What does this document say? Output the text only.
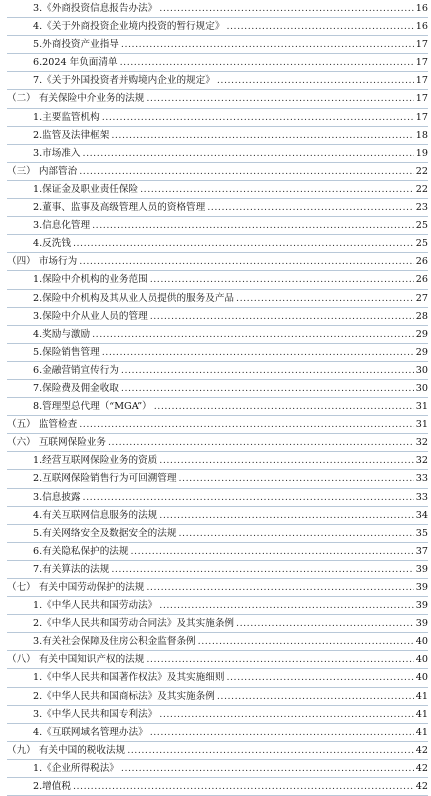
3.《外商投资信息报告办法》 .....	16
4.《关于外商投资企业境内投资的暂行规定》 .....	16
5.外商投资产业指导 .....	17
6.2024 年负面清单 .....	17
7.《关于外国投资者并购境内企业的规定》 .....	17
（二） 有关保险中介业务的法规 .....	17
1.主要监管机构 .....	17
2.监管及法律框架 .....	18
3.市场准入 .....	19
（三） 内部管治 .....	22
1.保证金及职业责任保险 .....	22
2.董事、监事及高级管理人员的资格管理 .....	23
3.信息化管理 .....	25
4.反洗钱 .....	25
（四） 市场行为 .....	26
1.保险中介机构的业务范围 .....	26
2.保险中介机构及其从业人员提供的服务及产品 .....	27
3.保险中介从业人员的管理 .....	28
4.奖励与激励 .....	29
5.保险销售管理 .....	29
6.金融营销宣传行为 .....	30
7.保险费及佣金收取 .....	30
8.管理型总代理（“MGA”） .....	31
（五） 监管检查 .....	31
（六） 互联网保险业务 .....	32
1.经营互联网保险业务的资质 .....	32
2.互联网保险销售行为可回溯管理 .....	33
3.信息披露 .....	33
4.有关互联网信息服务的法规 .....	34
5.有关网络安全及数据安全的法规 .....	35
6.有关隐私保护的法规 .....	37
7.有关算法的法规 .....	39
（七） 有关中国劳动保护的法规 .....	39
1.《中华人民共和国劳动法》 .....	39
2.《中华人民共和国劳动合同法》及其实施条例 .....	39
3.有关社会保障及住房公积金监督条例 .....	40
（八） 有关中国知识产权的法规 .....	40
1.《中华人民共和国著作权法》及其实施细则 .....	40
2.《中华人民共和国商标法》及其实施条例 .....	41
3.《中华人民共和国专利法》 .....	41
4.《互联网域名管理办法》 .....	41
（九） 有关中国的税收法规 .....	42
1.《企业所得税法》 .....	42
2.增值税 .....	42
